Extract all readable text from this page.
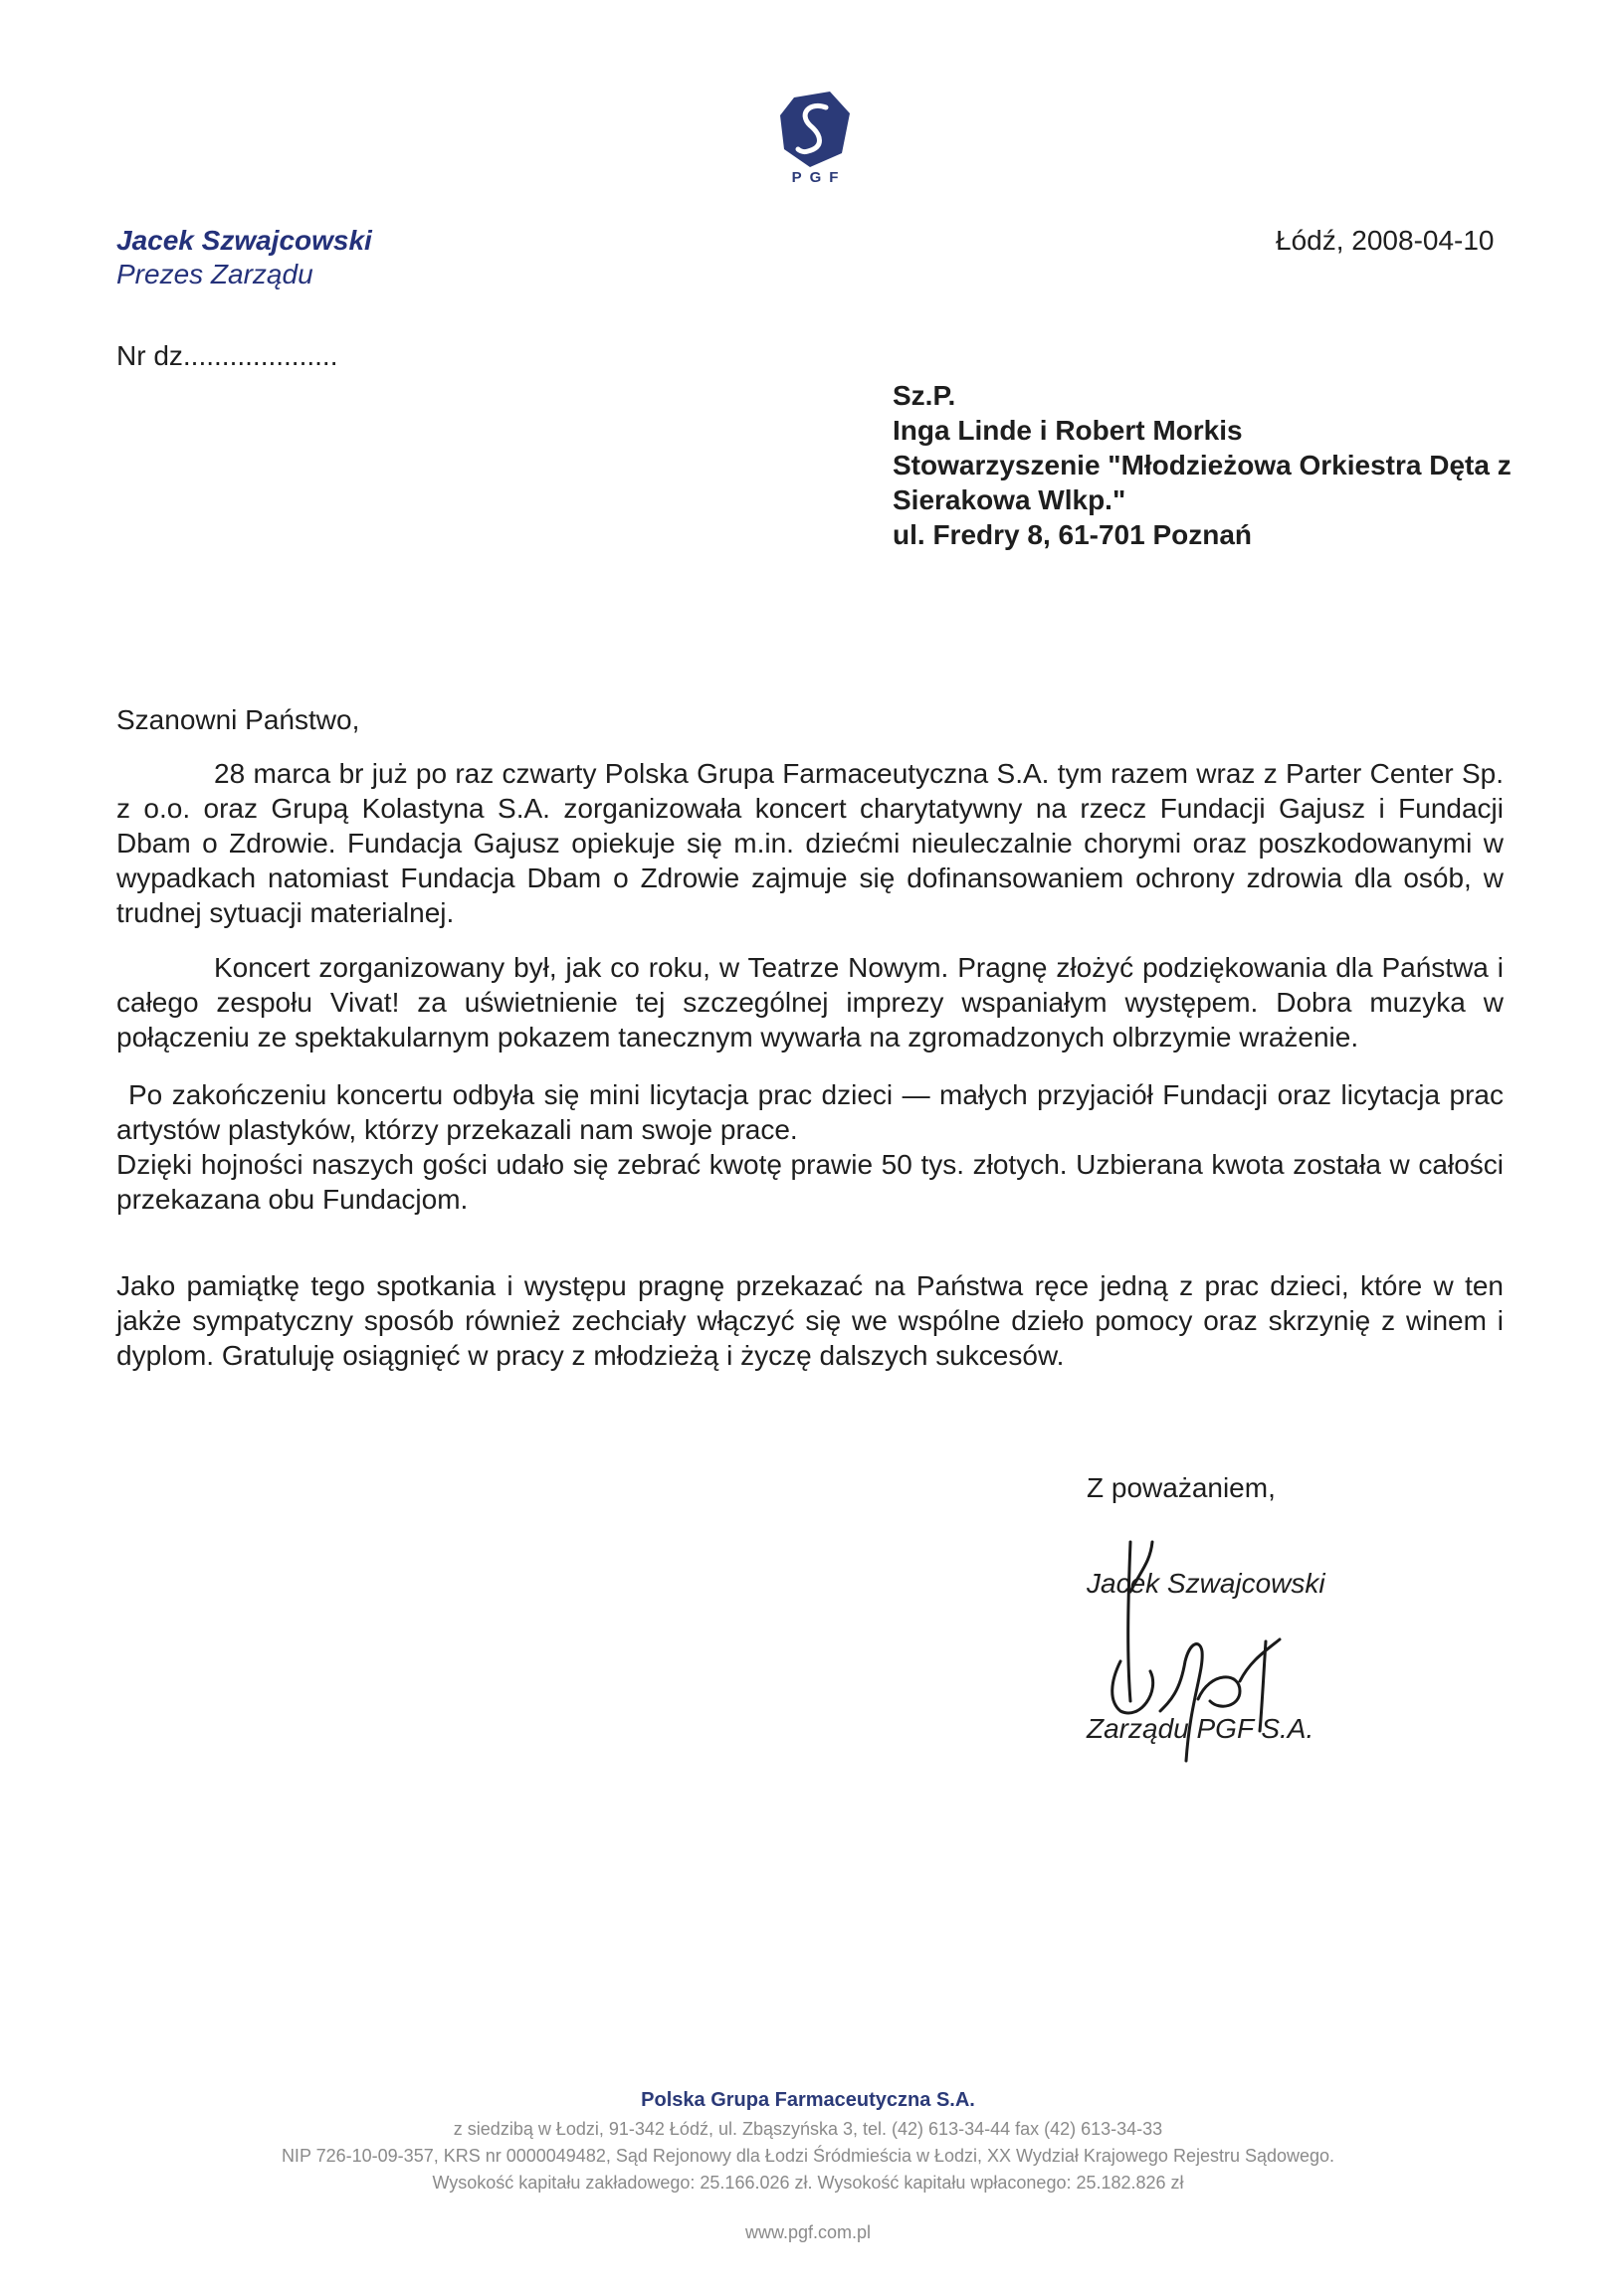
PGF
Jacek Szwajcowski
Prezes Zarządu
Łódź, 2008-04-10
Nr dz....................
Sz.P.
Inga Linde i Robert Morkis
Stowarzyszenie "Młodzieżowa Orkiestra Dęta z
Sierakowa Wlkp."
ul. Fredry 8, 61-701 Poznań
Szanowni Państwo,
28 marca br już po raz czwarty Polska Grupa Farmaceutyczna S.A. tym razem wraz z Parter Center Sp. z o.o. oraz Grupą Kolastyna S.A. zorganizowała koncert charytatywny na rzecz Fundacji Gajusz i Fundacji Dbam o Zdrowie. Fundacja Gajusz opiekuje się m.in. dziećmi nieuleczalnie chorymi oraz poszkodowanymi w wypadkach natomiast Fundacja Dbam o Zdrowie zajmuje się dofinansowaniem ochrony zdrowia dla osób, w trudnej sytuacji materialnej.
Koncert zorganizowany był, jak co roku, w Teatrze Nowym. Pragnę złożyć podziękowania dla Państwa i całego zespołu Vivat! za uświetnienie tej szczególnej imprezy wspaniałym występem. Dobra muzyka w połączeniu ze spektakularnym pokazem tanecznym wywarła na zgromadzonych olbrzymie wrażenie.
Po zakończeniu koncertu odbyła się mini licytacja prac dzieci — małych przyjaciół Fundacji oraz licytacja prac artystów plastyków, którzy przekazali nam swoje prace.
Dzięki hojności naszych gości udało się zebrać kwotę prawie 50 tys. złotych. Uzbierana kwota została w całości przekazana obu Fundacjom.
Jako pamiątkę tego spotkania i występu pragnę przekazać na Państwa ręce jedną z prac dzieci, które w ten jakże sympatyczny sposób również zechciały włączyć się we wspólne dzieło pomocy oraz skrzynię z winem i dyplom. Gratuluję osiągnięć w pracy z młodzieżą i życzę dalszych sukcesów.
Z poważaniem,
Jacek Szwajcowski
Zarządu PGF S.A.
Polska Grupa Farmaceutyczna S.A.
z siedzibą w Łodzi, 91-342 Łódź, ul. Zbąszyńska 3, tel. (42) 613-34-44 fax (42) 613-34-33
NIP 726-10-09-357, KRS nr 0000049482, Sąd Rejonowy dla Łodzi Śródmieścia w Łodzi, XX Wydział Krajowego Rejestru Sądowego.
Wysokość kapitału zakładowego: 25.166.026 zł. Wysokość kapitału wpłaconego: 25.182.826 zł
www.pgf.com.pl
